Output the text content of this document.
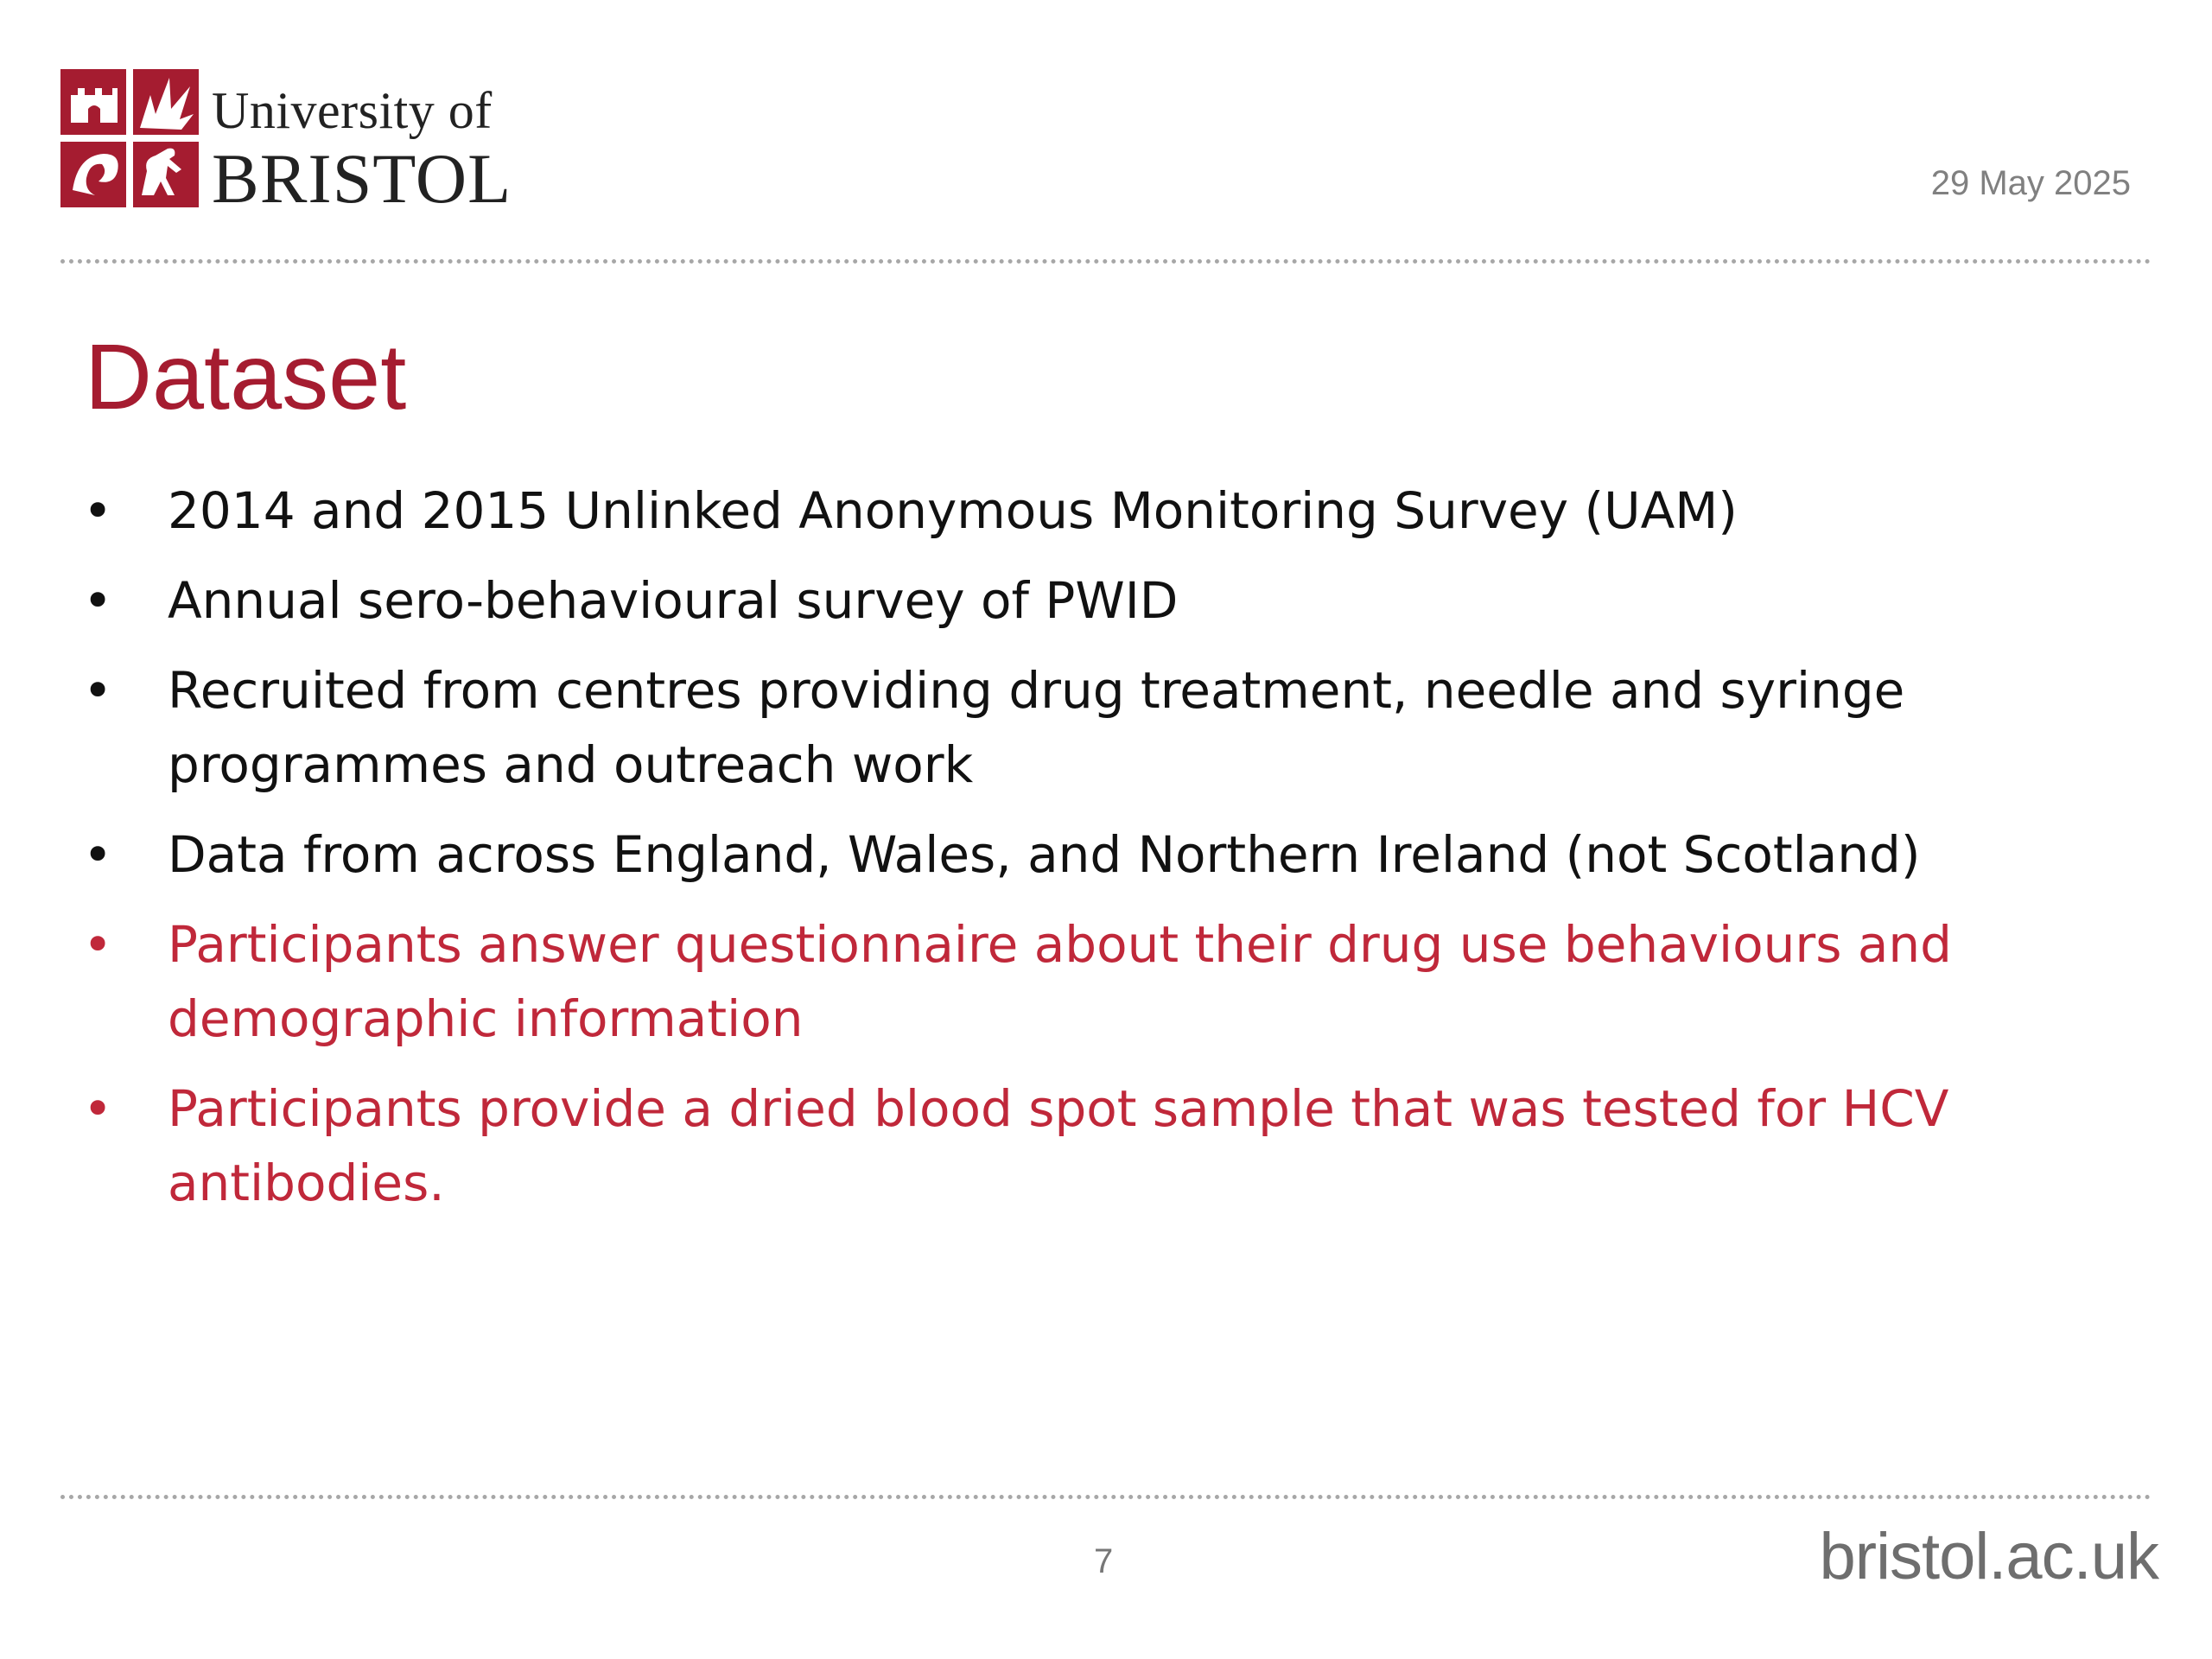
University of
BRISTOL	29 May 2025
Dataset
• 2014 and 2015 Unlinked Anonymous Monitoring Survey (UAM)
• Annual sero-behavioural survey of PWID
• Recruited from centres providing drug treatment, needle and syringe programmes and outreach work
• Data from across England, Wales, and Northern Ireland (not Scotland)
• Participants answer questionnaire about their drug use behaviours and demographic information
• Participants provide a dried blood spot sample that was tested for HCV antibodies.
7	bristol.ac.uk
